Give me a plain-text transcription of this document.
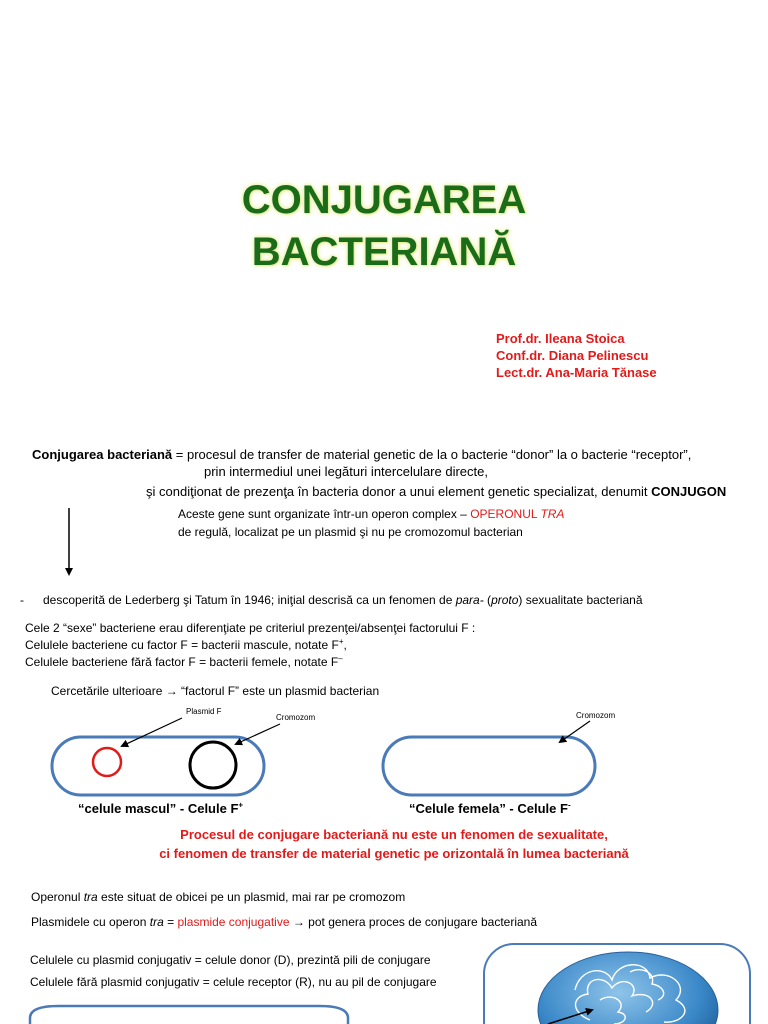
CONJUGAREA
BACTERIANĂ
Prof.dr. Ileana Stoica
Conf.dr. Diana Pelinescu
Lect.dr. Ana-Maria Tănase
Conjugarea bacteriană = procesul de transfer de material genetic de la o bacterie “donor” la o bacterie “receptor”,
prin intermediul unei legături intercelulare directe,
şi condiţionat de prezenţa în bacteria donor a unui element genetic specializat, denumit CONJUGON
Aceste gene sunt organizate într-un operon complex – OPERONUL TRA
de regulă, localizat pe un plasmid şi nu pe cromozomul bacterian
- descoperită de Lederberg şi Tatum în 1946; iniţial descrisă ca un fenomen de para- (proto) sexualitate bacteriană
Cele 2 “sexe” bacteriene erau diferenţiate pe criteriul prezenţei/absenţei factorului F :
Celulele bacteriene cu factor F = bacterii mascule, notate F+,
Celulele bacteriene fără factor F = bacterii femele, notate F–
Cercetările ulterioare → “factorul F” este un plasmid bacterian
Plasmid F
Cromozom	Cromozom
“celule mascul” - Celule F+	“Celule femela” - Celule F-
Procesul de conjugare bacteriană nu este un fenomen de sexualitate,
ci fenomen de transfer de material genetic pe orizontală în lumea bacteriană
Operonul tra este situat de obicei pe un plasmid, mai rar pe cromozom
Plasmidele cu operon tra = plasmide conjugative → pot genera proces de conjugare bacteriană
Celulele cu plasmid conjugativ = celule donor (D), prezintă pili de conjugare
Celulele fără plasmid conjugativ = celule receptor (R), nu au pil de conjugare
